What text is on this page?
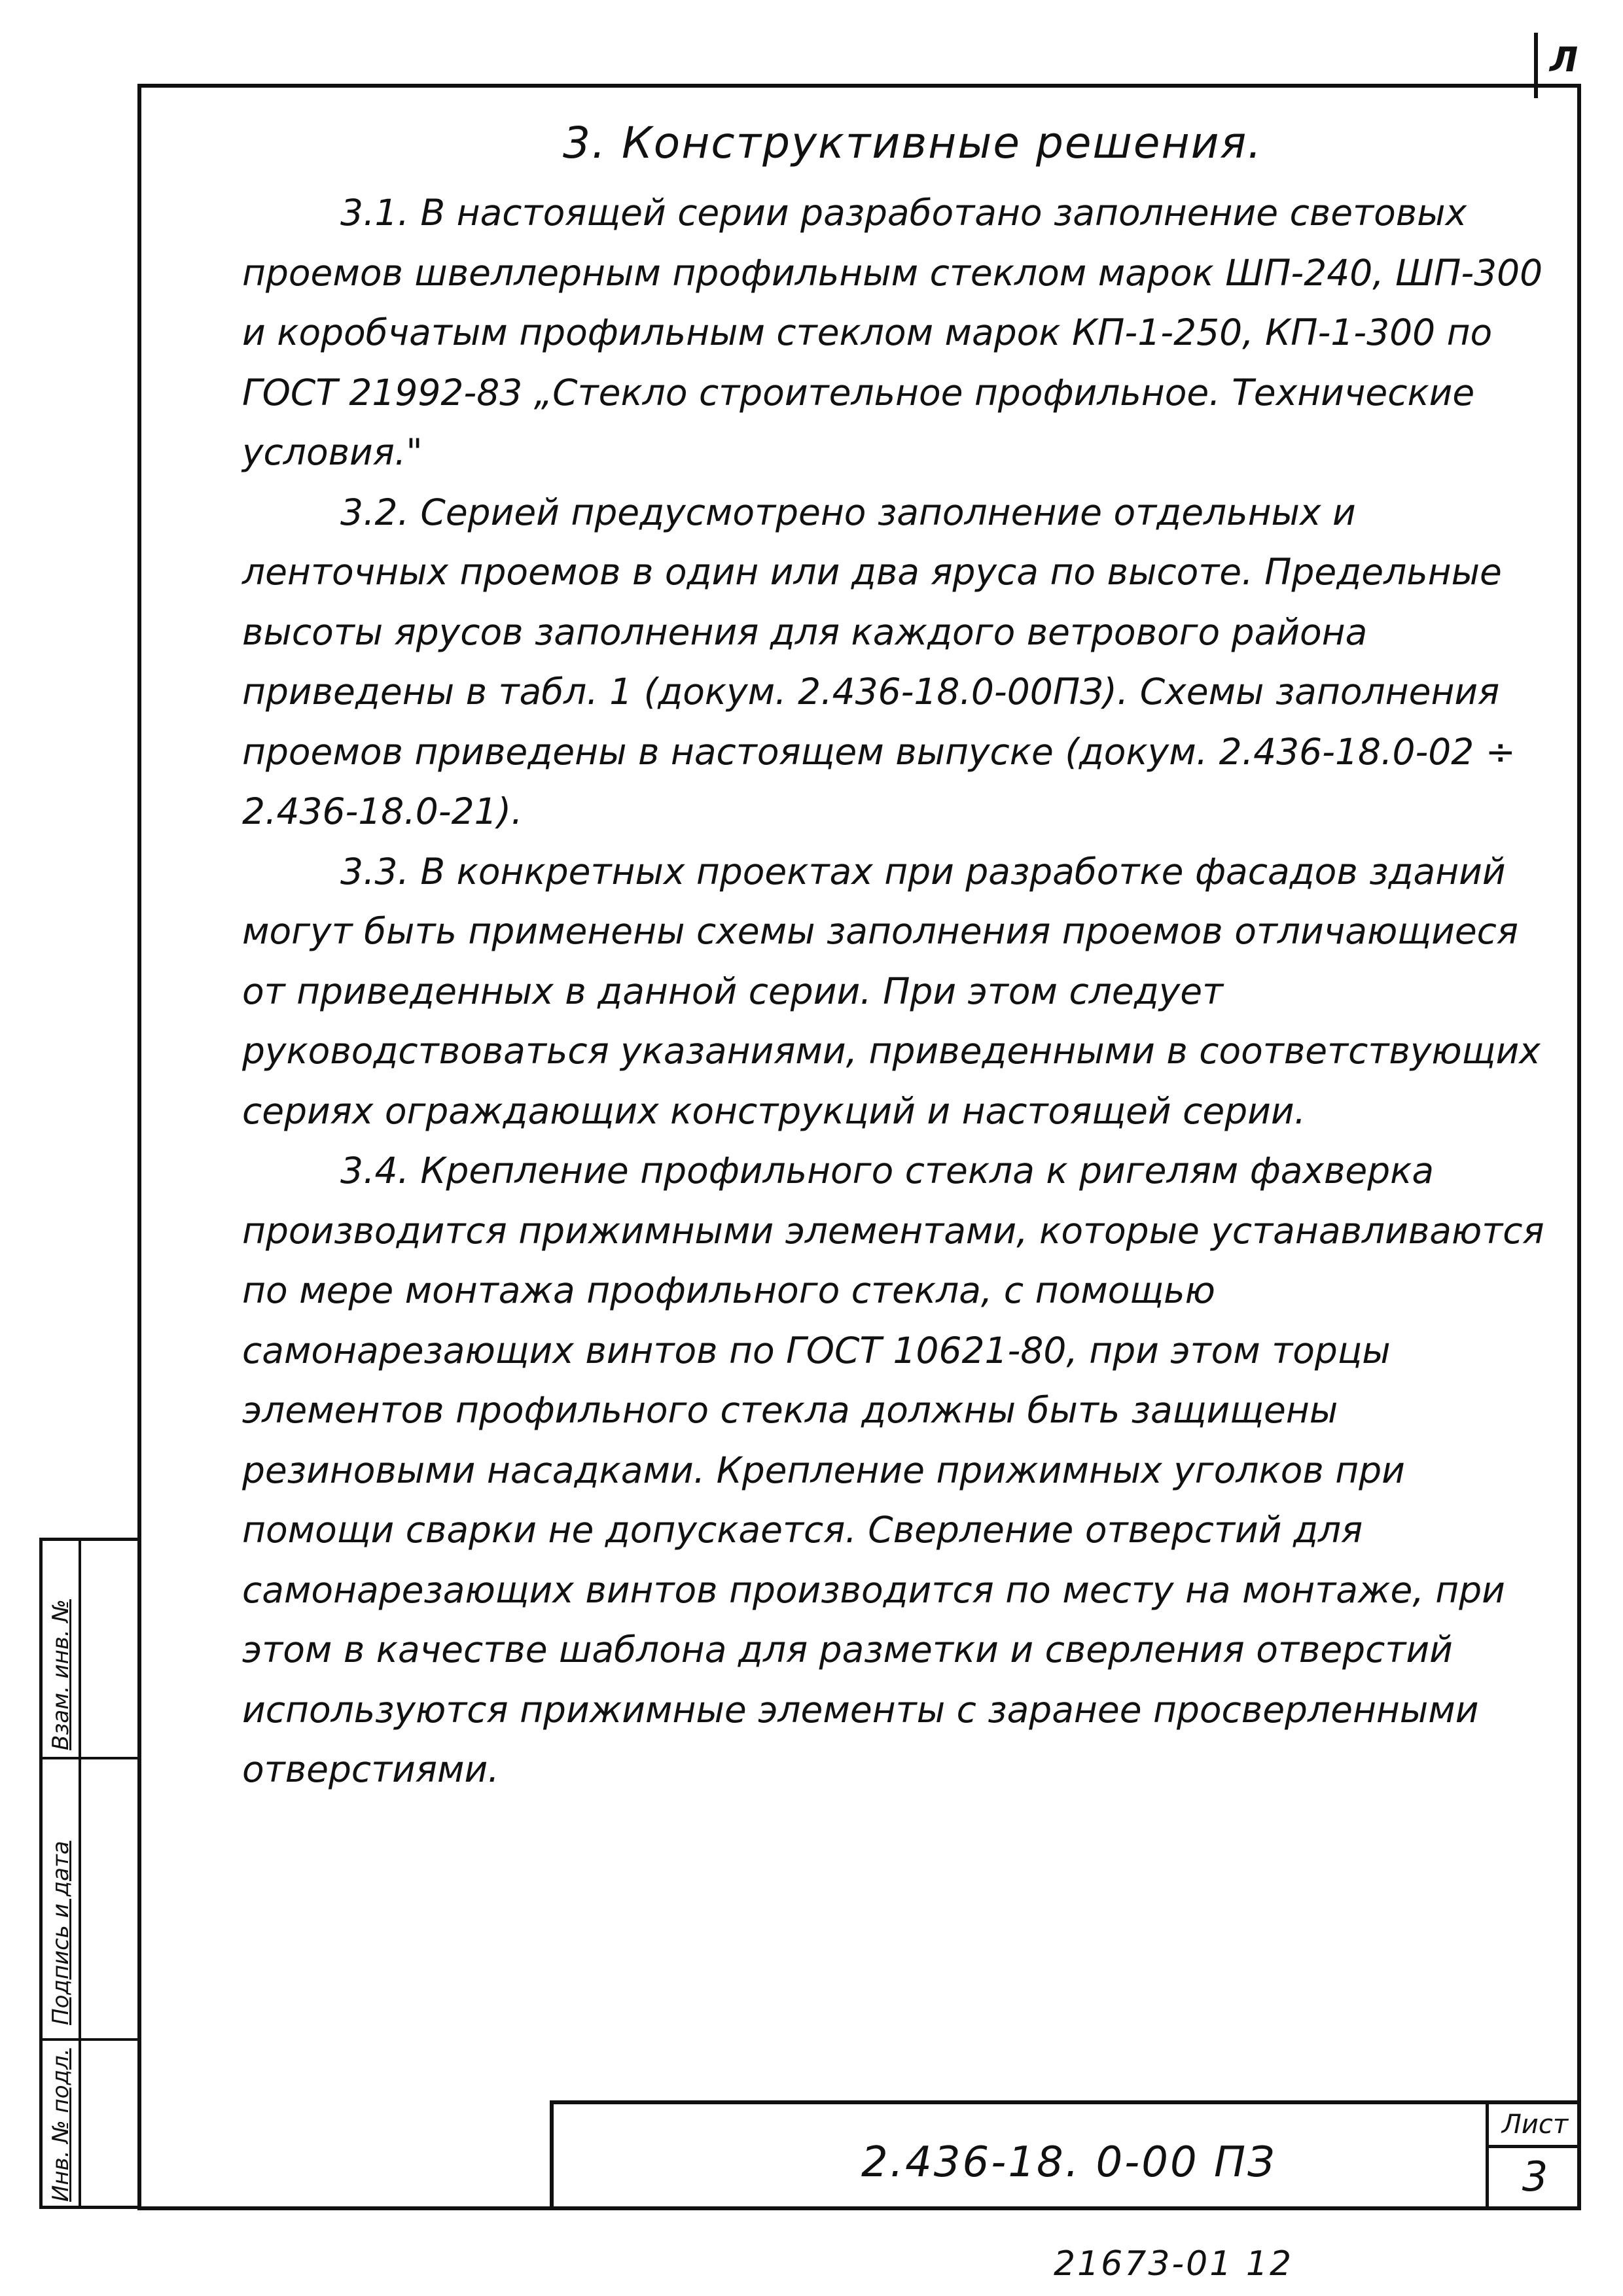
Л
Взам. инв. №
Подпись и дата
Инв. № подл.
3. Конструктивные решения.

3.1. В настоящей серии разработано заполнение световых проемов швеллерным профильным стеклом марок ШП-240, ШП-300 и коробчатым профильным стеклом марок КП-1-250, КП-1-300 по ГОСТ 21992-83 „Стекло строительное профильное. Технические условия."

3.2. Серией предусмотрено заполнение отдельных и ленточных проемов в один или два яруса по высоте. Предельные высоты ярусов заполнения для каждого ветрового района приведены в табл. 1 (докум. 2.436-18.0-00ПЗ). Схемы заполнения проемов приведены в настоящем выпуске (докум. 2.436-18.0-02 ÷ 2.436-18.0-21).

3.3. В конкретных проектах при разработке фасадов зданий могут быть применены схемы заполнения проемов отличающиеся от приведенных в данной серии. При этом следует руководствоваться указаниями, приведенными в соответствующих сериях ограждающих конструкций и настоящей серии.

3.4. Крепление профильного стекла к ригелям фахверка производится прижимными элементами, которые устанавливаются по мере монтажа профильного стекла, с помощью самонарезающих винтов по ГОСТ 10621-80, при этом торцы элементов профильного стекла должны быть защищены резиновыми насадками. Крепление прижимных уголков при помощи сварки не допускается. Сверление отверстий для самонарезающих винтов производится по месту на монтаже, при этом в качестве шаблона для разметки и сверления отверстий используются прижимные элементы с заранее просверленными отверстиями.

2.436-18. 0-00 ПЗ
Лист
3
21673-01 12
